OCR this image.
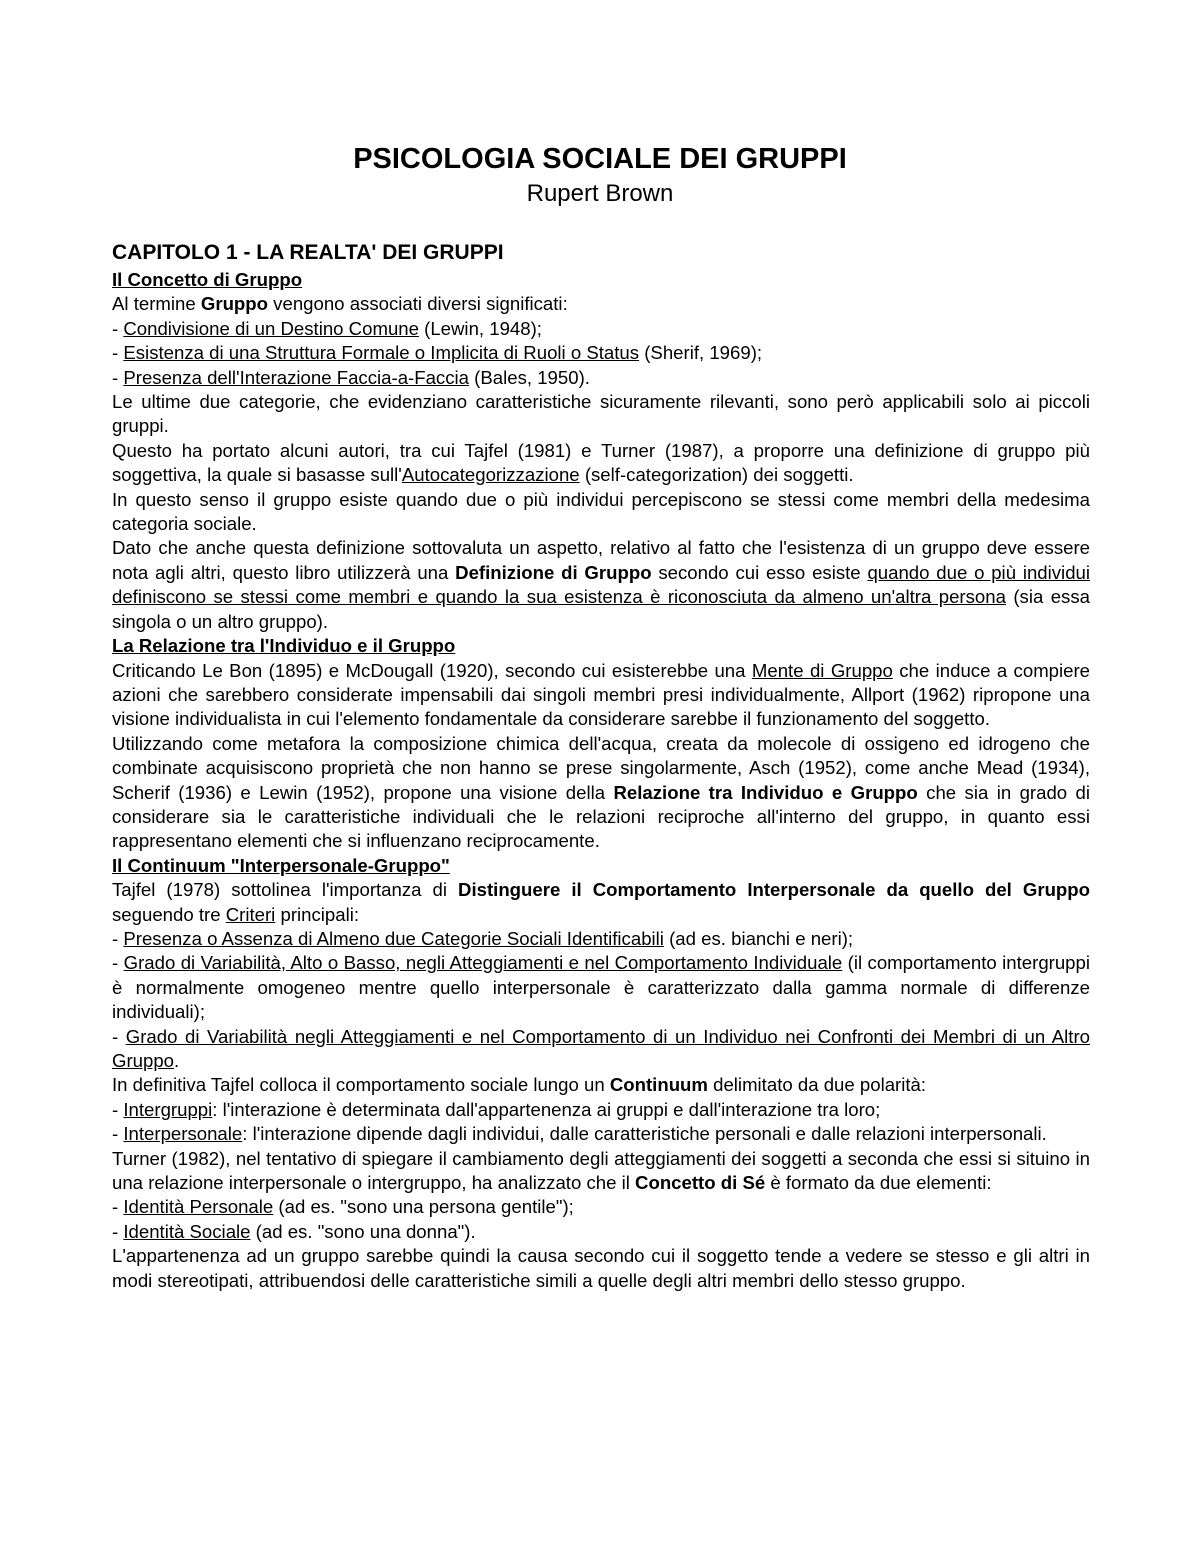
PSICOLOGIA SOCIALE DEI GRUPPI
Rupert Brown
CAPITOLO 1 - LA REALTA' DEI GRUPPI
Il Concetto di Gruppo

Al termine Gruppo vengono associati diversi significati:

- Condivisione di un Destino Comune (Lewin, 1948);

- Esistenza di una Struttura Formale o Implicita di Ruoli o Status (Sherif, 1969);

- Presenza dell'Interazione Faccia-a-Faccia (Bales, 1950).

Le ultime due categorie, che evidenziano caratteristiche sicuramente rilevanti, sono però applicabili solo ai piccoli gruppi.

Questo ha portato alcuni autori, tra cui Tajfel (1981) e Turner (1987), a proporre una definizione di gruppo più soggettiva, la quale si basasse sull'Autocategorizzazione (self-categorization) dei soggetti.

In questo senso il gruppo esiste quando due o più individui percepiscono se stessi come membri della medesima categoria sociale.

Dato che anche questa definizione sottovaluta un aspetto, relativo al fatto che l'esistenza di un gruppo deve essere nota agli altri, questo libro utilizzerà una Definizione di Gruppo secondo cui esso esiste quando due o più individui definiscono se stessi come membri e quando la sua esistenza è riconosciuta da almeno un'altra persona (sia essa singola o un altro gruppo).

La Relazione tra l'Individuo e il Gruppo

Criticando Le Bon (1895) e McDougall (1920), secondo cui esisterebbe una Mente di Gruppo che induce a compiere azioni che sarebbero considerate impensabili dai singoli membri presi individualmente, Allport (1962) ripropone una visione individualista in cui l'elemento fondamentale da considerare sarebbe il funzionamento del soggetto.

Utilizzando come metafora la composizione chimica dell'acqua, creata da molecole di ossigeno ed idrogeno che combinate acquisiscono proprietà che non hanno se prese singolarmente, Asch (1952), come anche Mead (1934), Scherif (1936) e Lewin (1952), propone una visione della Relazione tra Individuo e Gruppo che sia in grado di considerare sia le caratteristiche individuali che le relazioni reciproche all'interno del gruppo, in quanto essi rappresentano elementi che si influenzano reciprocamente.

Il Continuum "Interpersonale-Gruppo"

Tajfel (1978) sottolinea l'importanza di Distinguere il Comportamento Interpersonale da quello del Gruppo seguendo tre Criteri principali:

- Presenza o Assenza di Almeno due Categorie Sociali Identificabili (ad es. bianchi e neri);

- Grado di Variabilità, Alto o Basso, negli Atteggiamenti e nel Comportamento Individuale (il comportamento intergruppi è normalmente omogeneo mentre quello interpersonale è caratterizzato dalla gamma normale di differenze individuali);

- Grado di Variabilità negli Atteggiamenti e nel Comportamento di un Individuo nei Confronti dei Membri di un Altro Gruppo.

In definitiva Tajfel colloca il comportamento sociale lungo un Continuum delimitato da due polarità:

- Intergruppi: l'interazione è determinata dall'appartenenza ai gruppi e dall'interazione tra loro;

- Interpersonale: l'interazione dipende dagli individui, dalle caratteristiche personali e dalle relazioni interpersonali.

Turner (1982), nel tentativo di spiegare il cambiamento degli atteggiamenti dei soggetti a seconda che essi si situino in una relazione interpersonale o intergruppo, ha analizzato che il Concetto di Sé è formato da due elementi:

- Identità Personale (ad es. "sono una persona gentile");

- Identità Sociale (ad es. "sono una donna").

L'appartenenza ad un gruppo sarebbe quindi la causa secondo cui il soggetto tende a vedere se stesso e gli altri in modi stereotipati, attribuendosi delle caratteristiche simili a quelle degli altri membri dello stesso gruppo.
